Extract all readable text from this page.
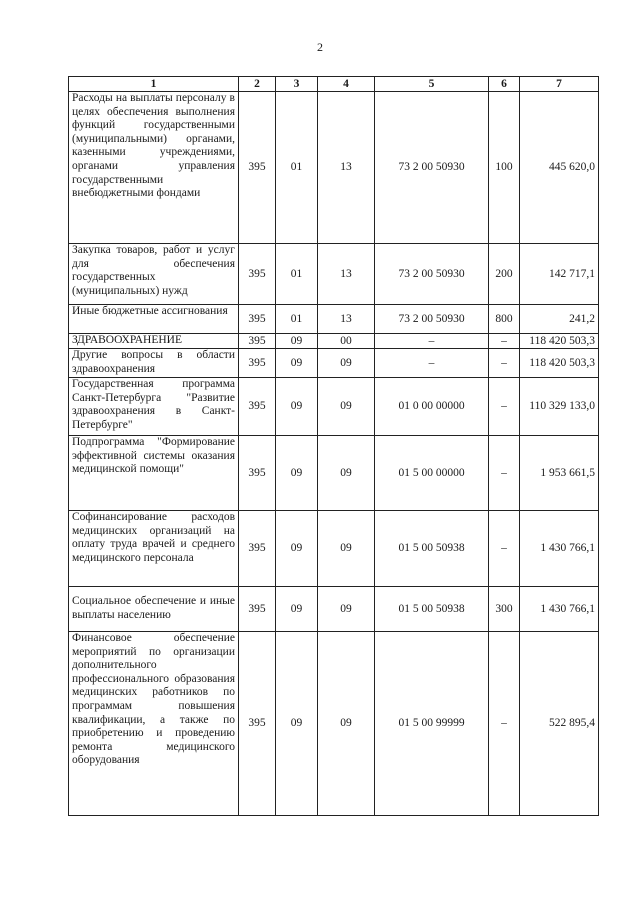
2
1	2	3	4	5	6	7
Расходы на выплаты персоналу в целях обеспечения выполнения функций государственными (муниципальными) органами, казенными учреждениями, органами управления государственными внебюджетными фондами	395	01	13	73 2 00 50930	100	445 620,0
Закупка товаров, работ и услуг для обеспечения государственных (муниципальных) нужд	395	01	13	73 2 00 50930	200	142 717,1
Иные бюджетные ассигнования	395	01	13	73 2 00 50930	800	241,2
ЗДРАВООХРАНЕНИЕ	395	09	00	–	–	118 420 503,3
Другие вопросы в области здравоохранения	395	09	09	–	–	118 420 503,3
Государственная программа Санкт-Петербурга "Развитие здравоохранения в Санкт-Петербурге"	395	09	09	01 0 00 00000	–	110 329 133,0
Подпрограмма "Формирование эффективной системы оказания медицинской помощи"	395	09	09	01 5 00 00000	–	1 953 661,5
Софинансирование расходов медицинских организаций на оплату труда врачей и среднего медицинского персонала	395	09	09	01 5 00 50938	–	1 430 766,1
Социальное обеспечение и иные выплаты населению	395	09	09	01 5 00 50938	300	1 430 766,1
Финансовое обеспечение мероприятий по организации дополнительного профессионального образования медицинских работников по программам повышения квалификации, а также по приобретению и проведению ремонта медицинского оборудования	395	09	09	01 5 00 99999	–	522 895,4
